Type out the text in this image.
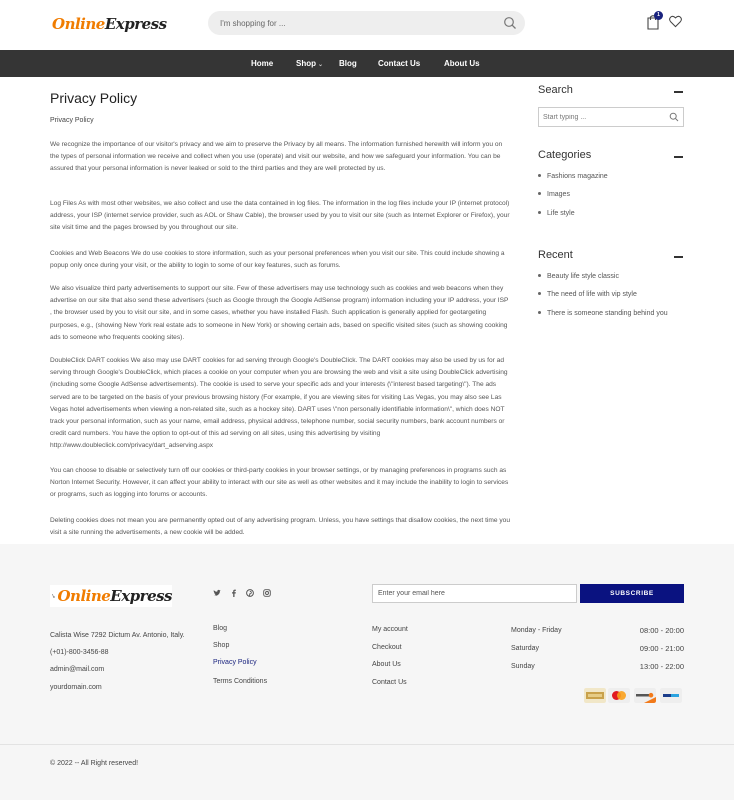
OnlineExpress
I'm shopping for ...	1
Home	Shop ⌄ Blog	Contact Us	About Us
Privacy Policy
Privacy Policy

We recognize the importance of our visitor's privacy and we aim to preserve the Privacy by all means. The information furnished herewith will inform you on the types of personal information we receive and collect when you use (operate) and visit our website, and how we safeguard your information. You can be assured that your personal information is never leaked or sold to the third parties and they are well protected by us.

Log Files As with most other websites, we also collect and use the data contained in log files. The information in the log files include your IP (internet protocol) address, your ISP (internet service provider, such as AOL or Shaw Cable), the browser used by you to visit our site (such as Internet Explorer or Firefox), your site visit time and the pages browsed by you throughout our site.

Cookies and Web Beacons We do use cookies to store information, such as your personal preferences when you visit our site. This could include showing a popup only once during your visit, or the ability to login to some of our key features, such as forums.

We also visualize third party advertisements to support our site. Few of these advertisers may use technology such as cookies and web beacons when they advertise on our site that also send these advertisers (such as Google through the Google AdSense program) information including your IP address, your ISP , the browser used by you to visit our site, and in some cases, whether you have installed Flash. Such application is generally applied for geotargeting purposes, e.g., (showing New York real estate ads to someone in New York) or showing certain ads, based on specific visited sites (such as showing cooking ads to someone who frequents cooking sites).

DoubleClick DART cookies We also may use DART cookies for ad serving through Google's DoubleClick. The DART cookies may also be used by us for ad serving through Google's DoubleClick, which places a cookie on your computer when you are browsing the web and visit a site using DoubleClick advertising (including some Google AdSense advertisements). The cookie is used to serve your specific ads and your interests (\"interest based targeting\"). The ads served are to be targeted on the basis of your previous browsing history (For example, if you are viewing sites for visiting Las Vegas, you may also see Las Vegas hotel advertisements when viewing a non-related site, such as a hockey site). DART uses \"non personally identifiable information\", which does NOT track your personal information, such as your name, email address, physical address, telephone number, social security numbers, bank account numbers or credit card numbers. You have the option to opt-out of this ad serving on all sites, using this advertising by visiting http://www.doubleclick.com/privacy/dart_adserving.aspx

You can choose to disable or selectively turn off our cookies or third-party cookies in your browser settings, or by managing preferences in programs such as Norton Internet Security. However, it can affect your ability to interact with our site as well as other websites and it may include the inability to login to services or programs, such as logging into forums or accounts.

Deleting cookies does not mean you are permanently opted out of any advertising program. Unless, you have settings that disallow cookies, the next time you visit a site running the advertisements, a new cookie will be added.

Search
Start typing ...
Categories
Fashions magazine
Images
Life style
Recent
Beauty life style classic
The need of life with vip style
There is someone standing behind you
OnlineExpress
Calista Wise 7292 Dictum Av. Antonio, Italy.
(+01)-800-3456-88
admin@mail.com
yourdomain.com
Blog
Shop
Privacy Policy
Terms Conditions
My account
Checkout
About Us
Contact Us
Enter your email here
SUBSCRIBE
Monday - Friday	08:00 - 20:00
Saturday	09:00 - 21:00
Sunday	13:00 - 22:00
© 2022 -- All Right reserved!
